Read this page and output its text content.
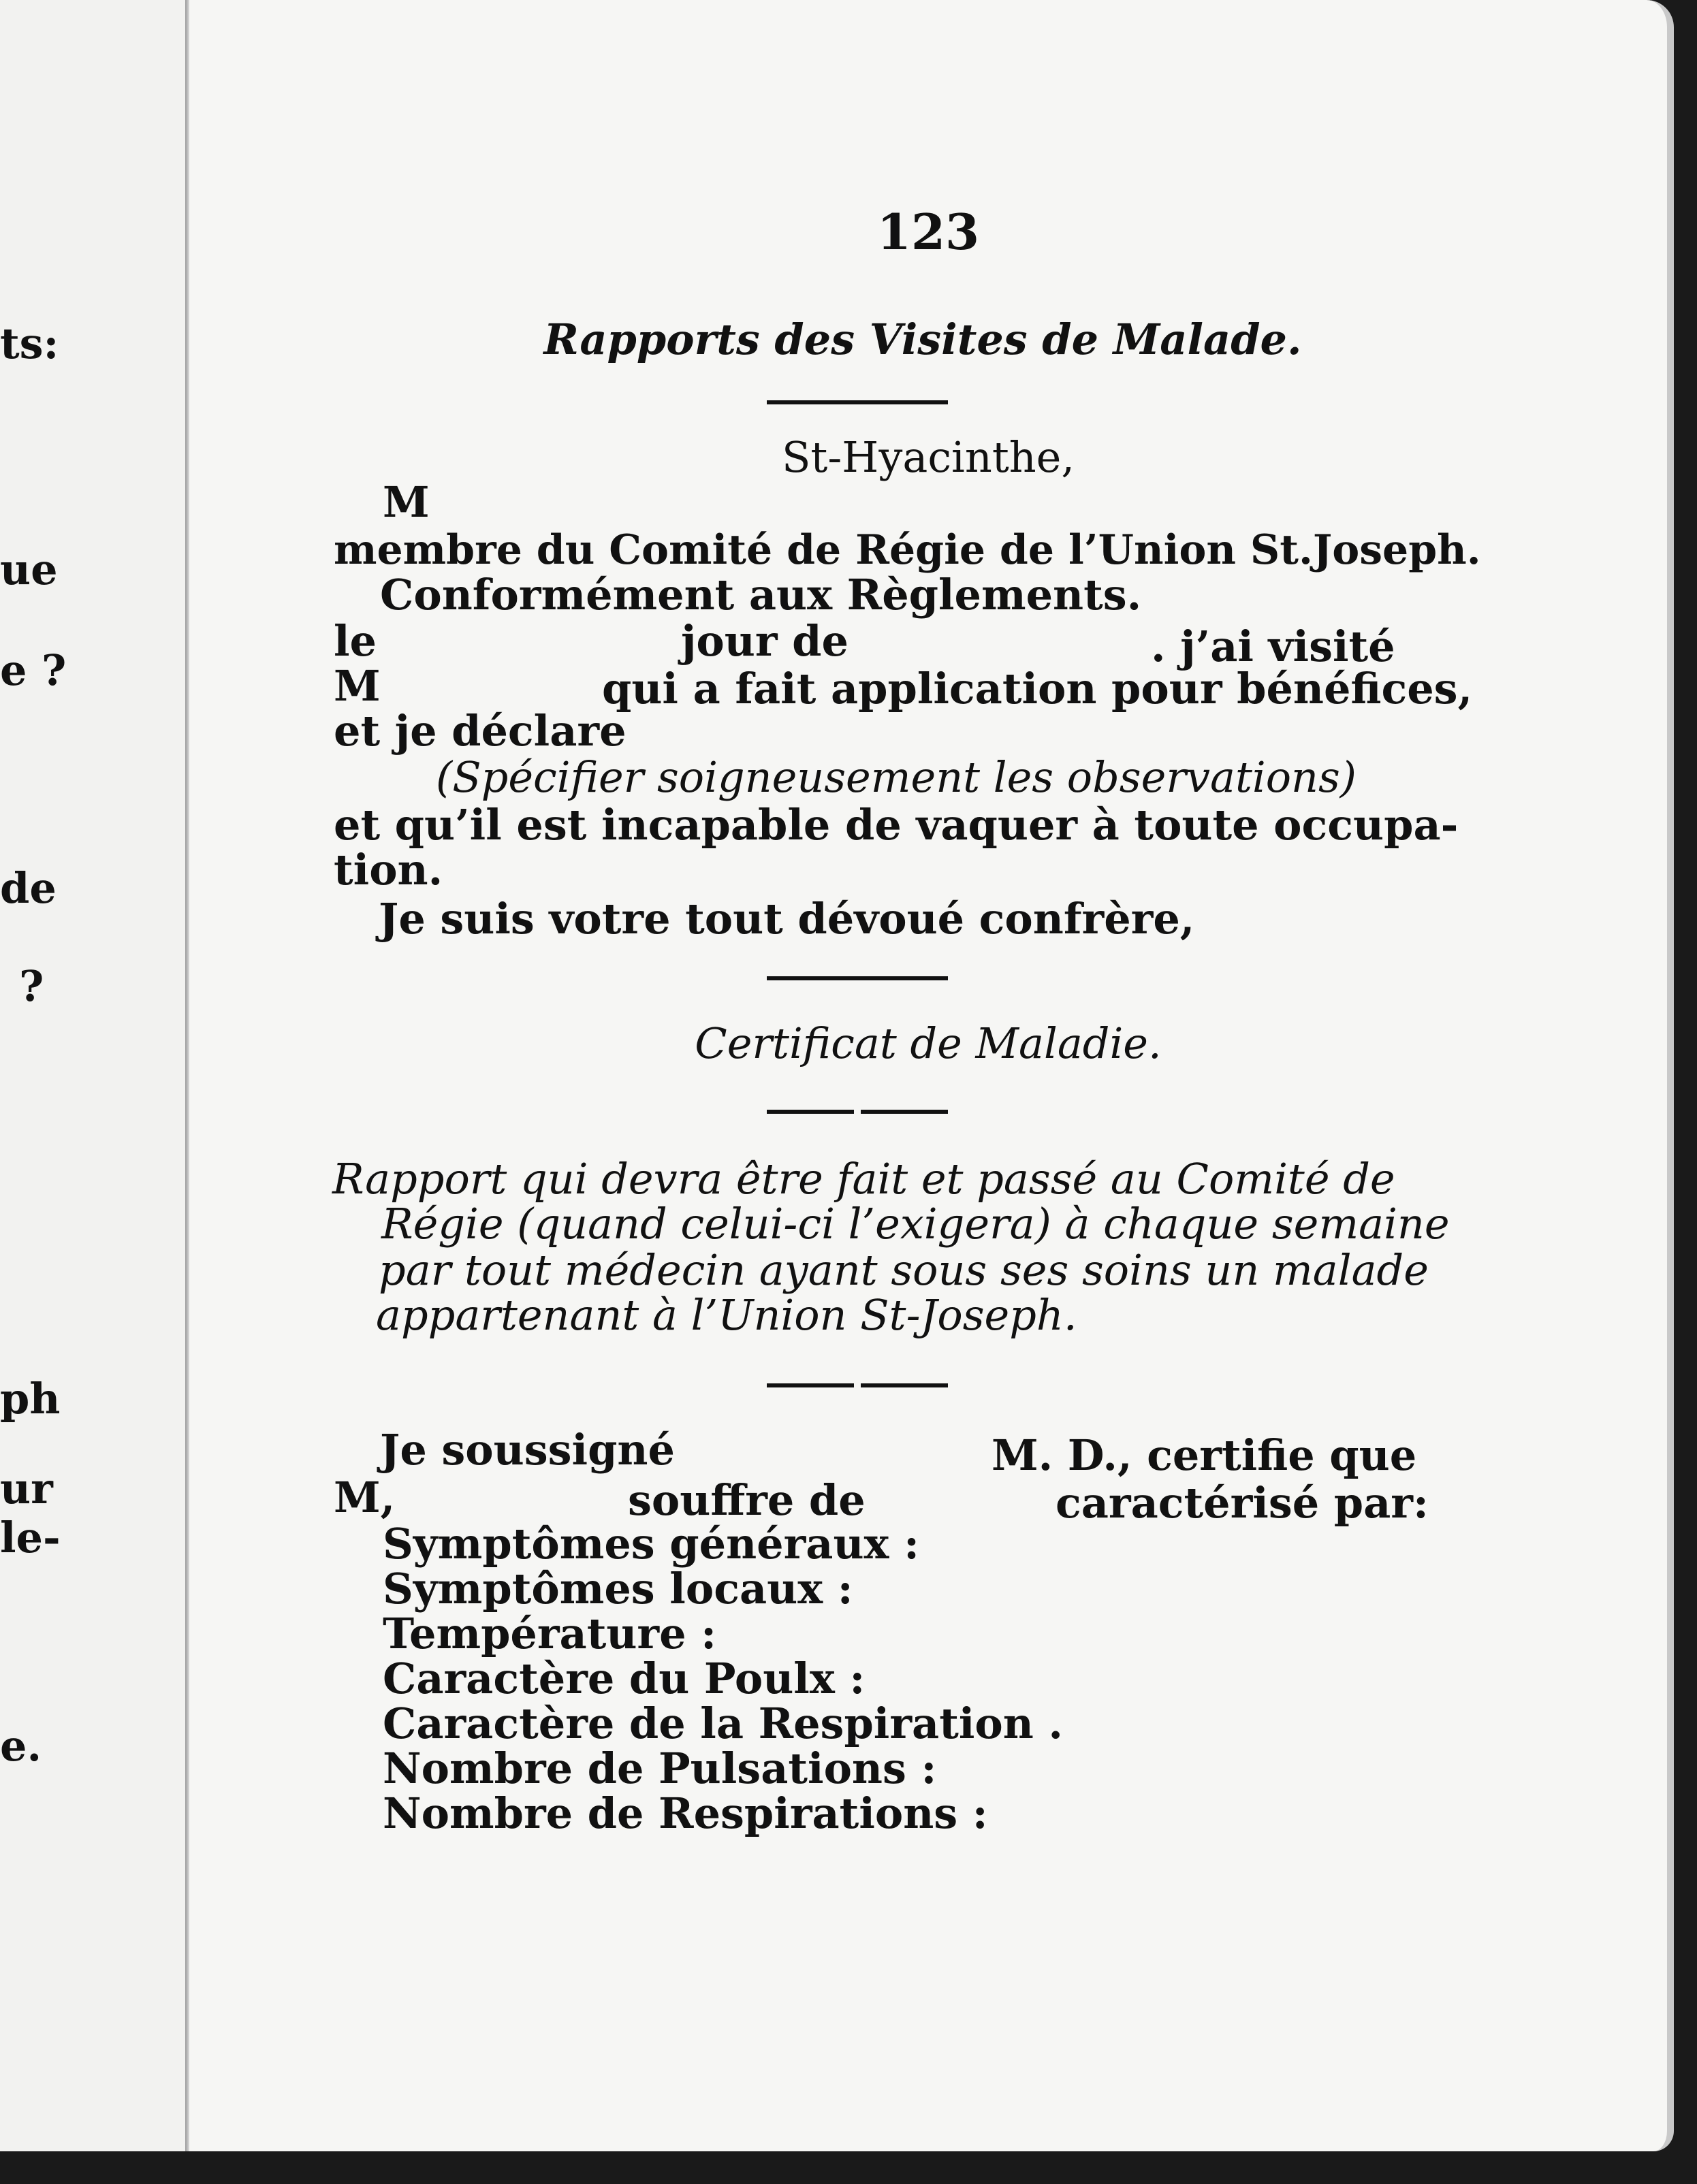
ts:
ue
e ?
de
?
ph
ur
le-
e.
123
Rapports des Visites de Malade.
St-Hyacinthe,
M
membre du Comité de Régie de l’Union St.Joseph.
Conformément aux Règlements.
le	jour de	. j’ai visité
M	qui a fait application pour bénéfices,
et je déclare
(Spécifier soigneusement les observations)
et qu’il est incapable de vaquer à toute occupa-
tion.
Je suis votre tout dévoué confrère,
Certificat de Maladie.
Rapport qui devra être fait et passé au Comité de
Régie (quand celui-ci l’exigera) à chaque semaine
par tout médecin ayant sous ses soins un malade
appartenant à l’Union St-Joseph.
Je soussigné	M. D., certifie que
M,	souffre de	caractérisé par:
Symptômes généraux :
Symptômes locaux :
Température :
Caractère du Poulx :
Caractère de la Respiration .
Nombre de Pulsations :
Nombre de Respirations :
